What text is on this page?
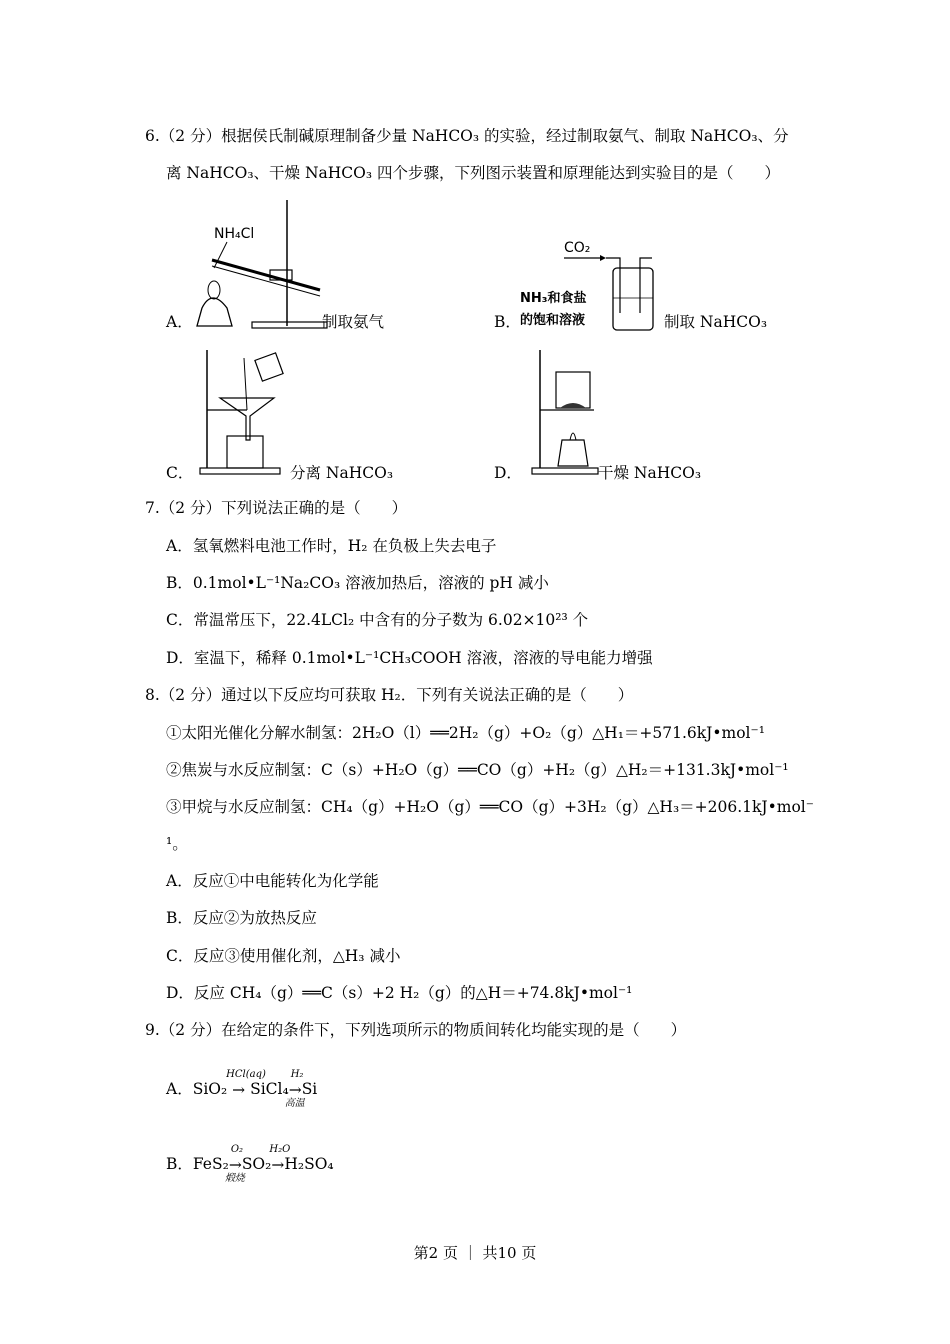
6.（2 分）根据侯氏制碱原理制备少量 NaHCO₃ 的实验，经过制取氨气、制取 NaHCO₃、分
离 NaHCO₃、干燥 NaHCO₃ 四个步骤，下列图示装置和原理能达到实验目的是（　　）
A．
NH₄Cl
制取氨气	B．
CO₂
NH₃和食盐
的饱和溶液	制取 NaHCO₃
C．	分离 NaHCO₃	D．	干燥 NaHCO₃
7.（2 分）下列说法正确的是（　　）
A．氢氧燃料电池工作时，H₂ 在负极上失去电子
B．0.1mol•L⁻¹Na₂CO₃ 溶液加热后，溶液的 pH 减小
C．常温常压下，22.4LCl₂ 中含有的分子数为 6.02×10²³ 个
D．室温下，稀释 0.1mol•L⁻¹CH₃COOH 溶液，溶液的导电能力增强
8.（2 分）通过以下反应均可获取 H₂．下列有关说法正确的是（　　）
①太阳光催化分解水制氢：2H₂O（l）══2H₂（g）+O₂（g）△H₁＝+571.6kJ•mol⁻¹
②焦炭与水反应制氢：C（s）+H₂O（g）══CO（g）+H₂（g）△H₂＝+131.3kJ•mol⁻¹
③甲烷与水反应制氢：CH₄（g）+H₂O（g）══CO（g）+3H₂（g）△H₃＝+206.1kJ•mol⁻
¹。
A．反应①中电能转化为化学能
B．反应②为放热反应
C．反应③使用催化剂，△H₃ 减小
D．反应 CH₄（g）══C（s）+2 H₂（g）的△H＝+74.8kJ•mol⁻¹
9.（2 分）在给定的条件下，下列选项所示的物质间转化均能实现的是（　　）
A．SiO₂
HCl(aq)
→ SiCl₄
H₂
→
高温
Si
B．FeS₂
O₂
→
煅烧
SO₂
H₂O
→H₂SO₄
第2 页 ｜ 共10 页
